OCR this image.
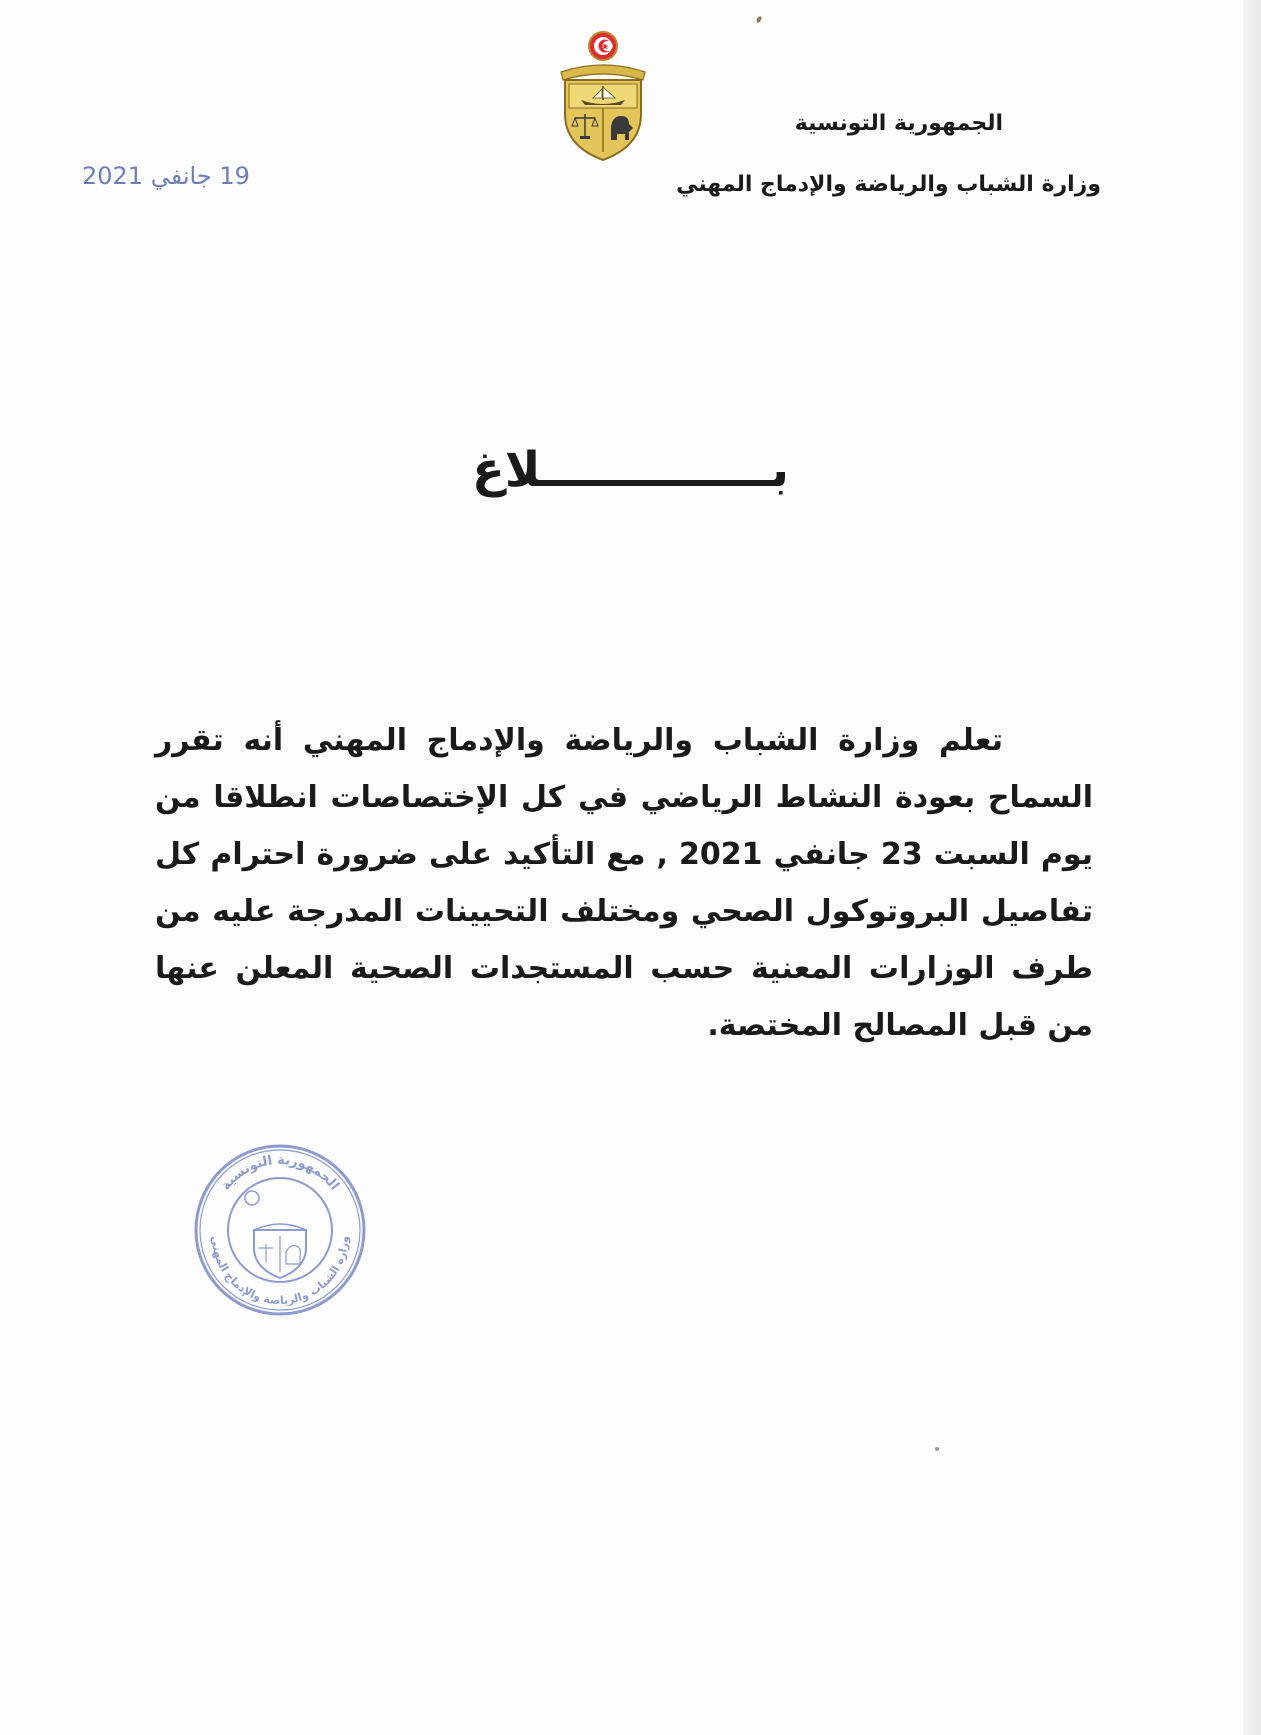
الجمهورية التونسية
وزارة الشباب والرياضة والإدماج المهني
19 جانفي 2021
بــــــــــــــلاغ

تعلم وزارة الشباب والرياضة والإدماج المهني أنه تقرر السماح بعودة النشاط الرياضي في كل الإختصاصات انطلاقا من يوم السبت 23 جانفي 2021 , مع التأكيد على ضرورة احترام كل تفاصيل البروتوكول الصحي ومختلف التحيينات المدرجة عليه من طرف الوزارات المعنية حسب المستجدات الصحية المعلن عنها من قبل المصالح المختصة.

الجمهورية التونسية
وزارة الشباب والرياضة والإدماج المهني
